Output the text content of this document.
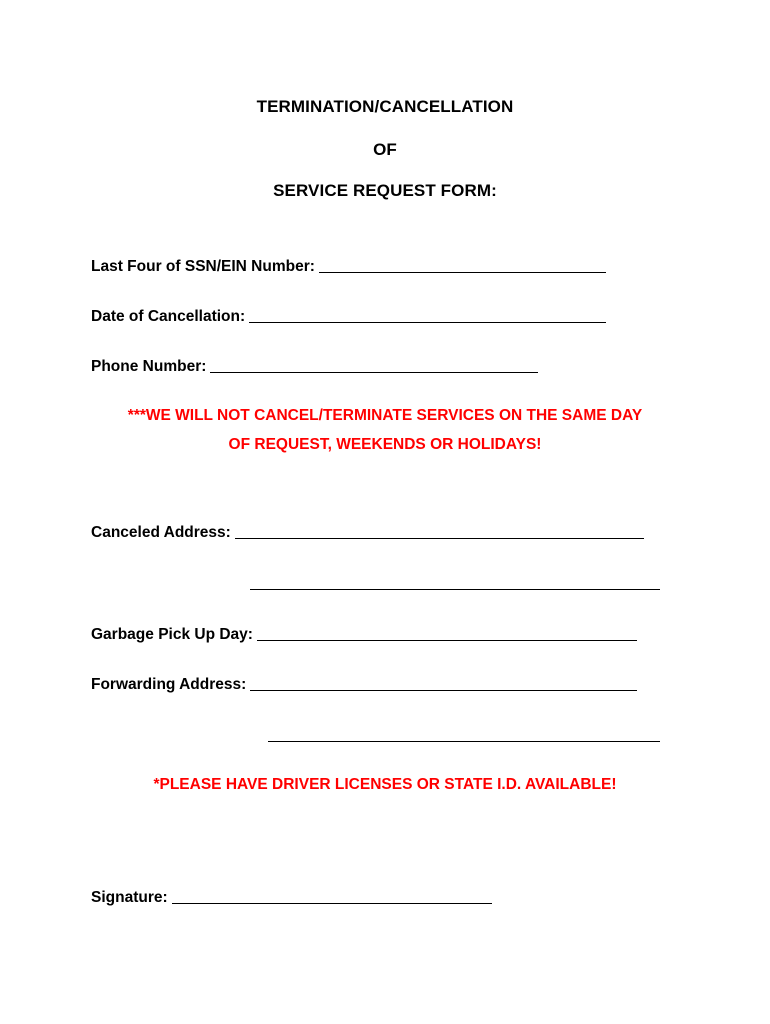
TERMINATION/CANCELLATION
OF
SERVICE REQUEST FORM:
Last Four of SSN/EIN Number:
Date of Cancellation:
Phone Number:
***WE WILL NOT CANCEL/TERMINATE SERVICES ON THE SAME DAY
OF REQUEST, WEEKENDS OR HOLIDAYS!
Canceled Address:
Garbage Pick Up Day:
Forwarding Address:
*PLEASE HAVE DRIVER LICENSES OR STATE I.D. AVAILABLE!
Signature:
